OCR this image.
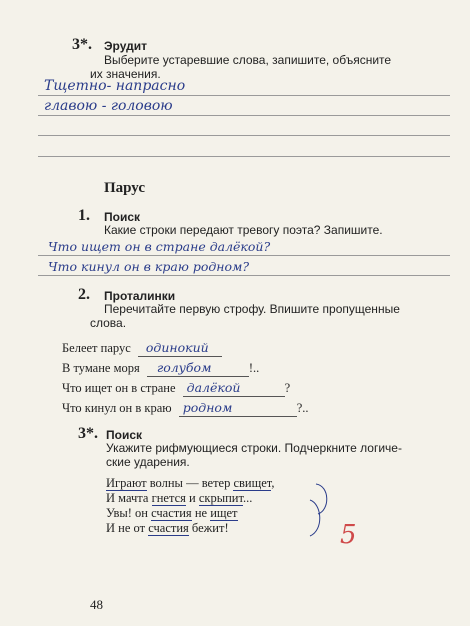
3*. Эрудит
Выберите устаревшие слова, запишите, объясните
их значения.
Тщетно- напрасно
главою - головою
Парус
1. Поиск
Какие строки передают тревогу поэта? Запишите.
Что ищет он в стране далёкой?
Что кинул он в краю родном?
2. Проталинки
Перечитайте первую строфу. Впишите пропущенные
слова.
Белеет парус одинокий
В тумане моря голубом	!..
Что ищет он в стране далёкой	?
Что кинул он в краю родном	?..
3*. Поиск
Укажите рифмующиеся строки. Подчеркните логиче-
ские ударения.
Играют волны — ветер свищет,
И мачта гнется и скрыпит...
Увы! он счастия не ищет
И не от счастия бежит!	5
48
